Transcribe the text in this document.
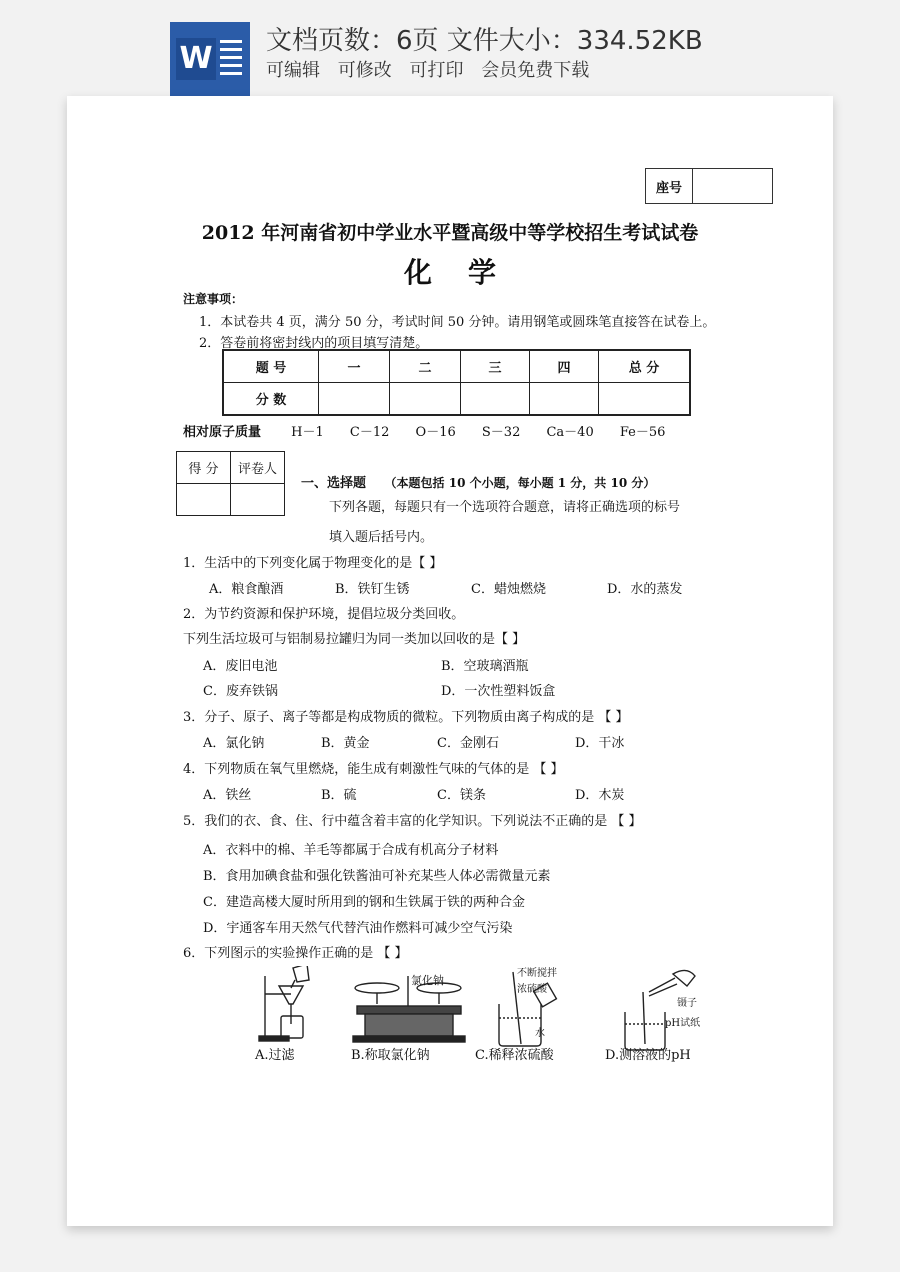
W 文档页数：6页 文件大小：334.52KB
可编辑 可修改 可打印 会员免费下载
座号
2012 年河南省初中学业水平暨高级中等学校招生考试试卷
化学
注意事项：
1．本试卷共 4 页，满分 50 分，考试时间 50 分钟。请用钢笔或圆珠笔直接答在试卷上。
2．答卷前将密封线内的项目填写清楚。
题 号	一	二	三	四	总 分
分 数					
相对原子质量 H－1 C－12 O－16 S－32 Ca－40 Fe－56
得 分	评卷人

一、选择题 （本题包括 10 个小题，每小题 1 分，共 10 分）
下列各题，每题只有一个选项符合题意，请将正确选项的标号
填入题后括号内。
1．生活中的下列变化属于物理变化的是【 】
A．粮食酿酒	B．铁钉生锈	C．蜡烛燃烧	D．水的蒸发
2．为节约资源和保护环境，提倡垃圾分类回收。
下列生活垃圾可与铝制易拉罐归为同一类加以回收的是【 】
A．废旧电池	B．空玻璃酒瓶
C．废弃铁锅	D．一次性塑料饭盒
3．分子、原子、离子等都是构成物质的微粒。下列物质由离子构成的是 【 】
A．氯化钠	B．黄金	C．金刚石	D．干冰
4．下列物质在氧气里燃烧，能生成有刺激性气味的气体的是 【 】
A．铁丝	B．硫	C．镁条	D．木炭
5．我们的衣、食、住、行中蕴含着丰富的化学知识。下列说法不正确的是 【 】
A．衣料中的棉、羊毛等都属于合成有机高分子材料
B．食用加碘食盐和强化铁酱油可补充某些人体必需微量元素
C．建造高楼大厦时所用到的钢和生铁属于铁的两种合金
D．宇通客车用天然气代替汽油作燃料可减少空气污染
6．下列图示的实验操作正确的是 【 】
A.过滤
氯化钠
B.称取氯化钠
不断搅拌
浓硫酸
水
C.稀释浓硫酸
镊子
pH试纸
D.测溶液的pH
